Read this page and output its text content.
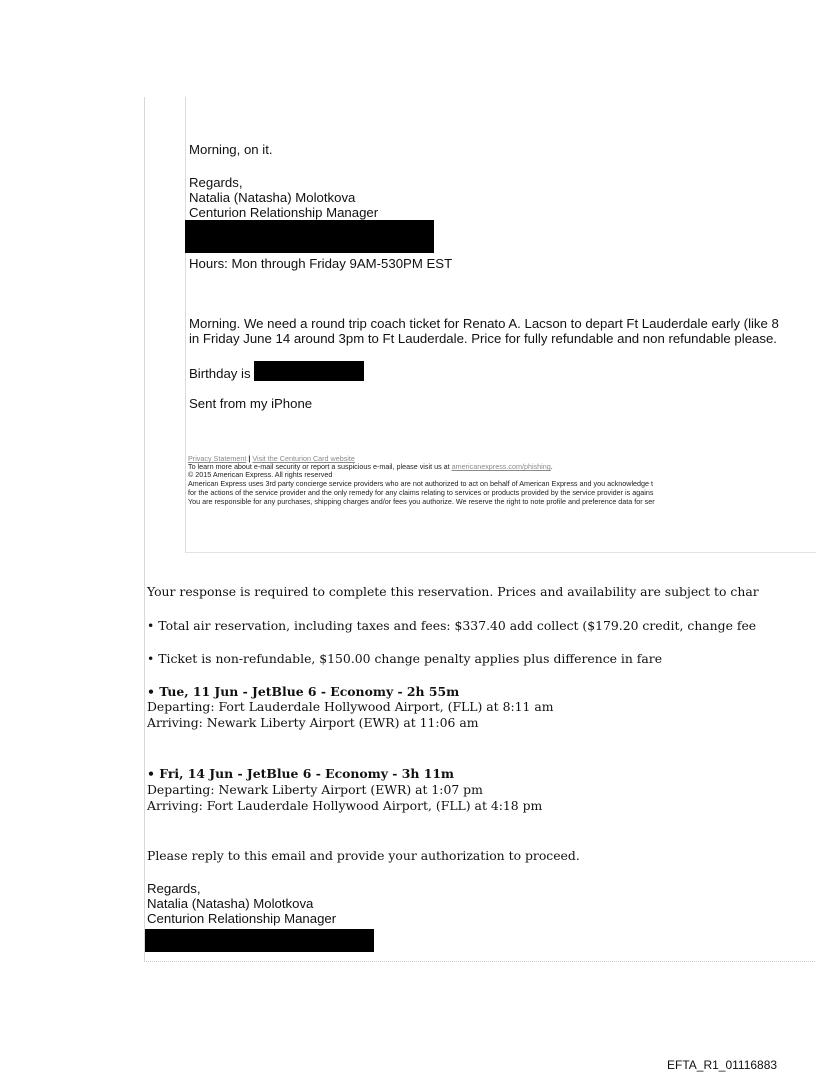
Morning, on it.
Regards,
Natalia (Natasha) Molotkova
Centurion Relationship Manager
Hours: Mon through Friday 9AM-530PM EST
Morning. We need a round trip coach ticket for Renato A. Lacson to depart Ft Lauderdale early (like 8
in Friday June 14 around 3pm to Ft Lauderdale. Price for fully refundable and non refundable please.
Birthday is
Sent from my iPhone
Privacy Statement | Visit the Centurion Card website
To learn more about e-mail security or report a suspicious e-mail, please visit us at americanexpress.com/phishing.
© 2015 American Express. All rights reserved
American Express uses 3rd party concierge service providers who are not authorized to act on behalf of American Express and you acknowledge t
for the actions of the service provider and the only remedy for any claims relating to services or products provided by the service provider is agains
You are responsible for any purchases, shipping charges and/or fees you authorize. We reserve the right to note profile and preference data for ser
Your response is required to complete this reservation. Prices and availability are subject to char
• Total air reservation, including taxes and fees: $337.40 add collect ($179.20 credit, change fee
• Ticket is non-refundable, $150.00 change penalty applies plus difference in fare
• Tue, 11 Jun - JetBlue 6 - Economy - 2h 55m
Departing: Fort Lauderdale Hollywood Airport, (FLL) at 8:11 am
Arriving: Newark Liberty Airport (EWR) at 11:06 am
• Fri, 14 Jun - JetBlue 6 - Economy - 3h 11m
Departing: Newark Liberty Airport (EWR) at 1:07 pm
Arriving: Fort Lauderdale Hollywood Airport, (FLL) at 4:18 pm
Please reply to this email and provide your authorization to proceed.
Regards,
Natalia (Natasha) Molotkova
Centurion Relationship Manager
EFTA_R1_01116883
